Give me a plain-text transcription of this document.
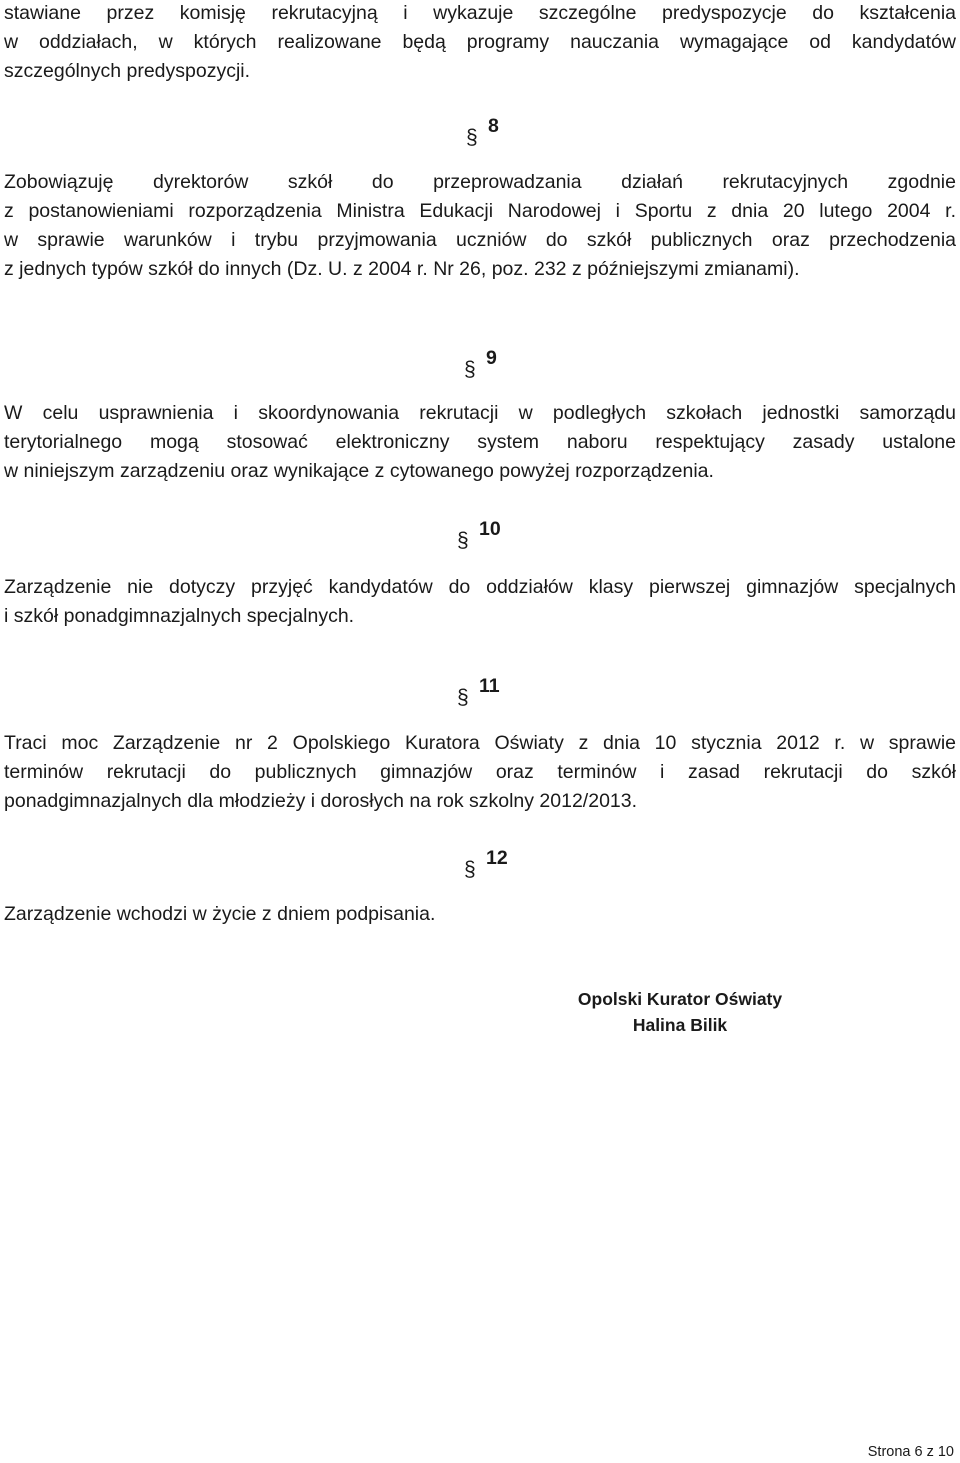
stawiane przez komisję rekrutacyjną i wykazuje szczególne predyspozycje do kształcenia
w oddziałach, w których realizowane będą programy nauczania wymagające od kandydatów
szczególnych predyspozycji.
§ 8
Zobowiązuję dyrektorów szkół do przeprowadzania działań rekrutacyjnych zgodnie
z postanowieniami rozporządzenia Ministra Edukacji Narodowej i Sportu z dnia 20 lutego 2004 r.
w sprawie warunków i trybu przyjmowania uczniów do szkół publicznych oraz przechodzenia
z jednych typów szkół do innych (Dz. U. z 2004 r. Nr 26, poz. 232 z późniejszymi zmianami).
§ 9
W celu usprawnienia i skoordynowania rekrutacji w podległych szkołach jednostki samorządu
terytorialnego mogą stosować elektroniczny system naboru respektujący zasady ustalone
w niniejszym zarządzeniu oraz wynikające z cytowanego powyżej rozporządzenia.
§ 10
Zarządzenie nie dotyczy przyjęć kandydatów do oddziałów klasy pierwszej gimnazjów specjalnych
i szkół ponadgimnazjalnych specjalnych.
§ 11
Traci moc Zarządzenie nr 2 Opolskiego Kuratora Oświaty z dnia 10 stycznia 2012 r. w sprawie
terminów rekrutacji do publicznych gimnazjów oraz terminów i zasad rekrutacji do szkół
ponadgimnazjalnych dla młodzieży i dorosłych na rok szkolny 2012/2013.
§ 12
Zarządzenie wchodzi w życie z dniem podpisania.
Opolski Kurator Oświaty
Halina Bilik
Strona 6 z 10
